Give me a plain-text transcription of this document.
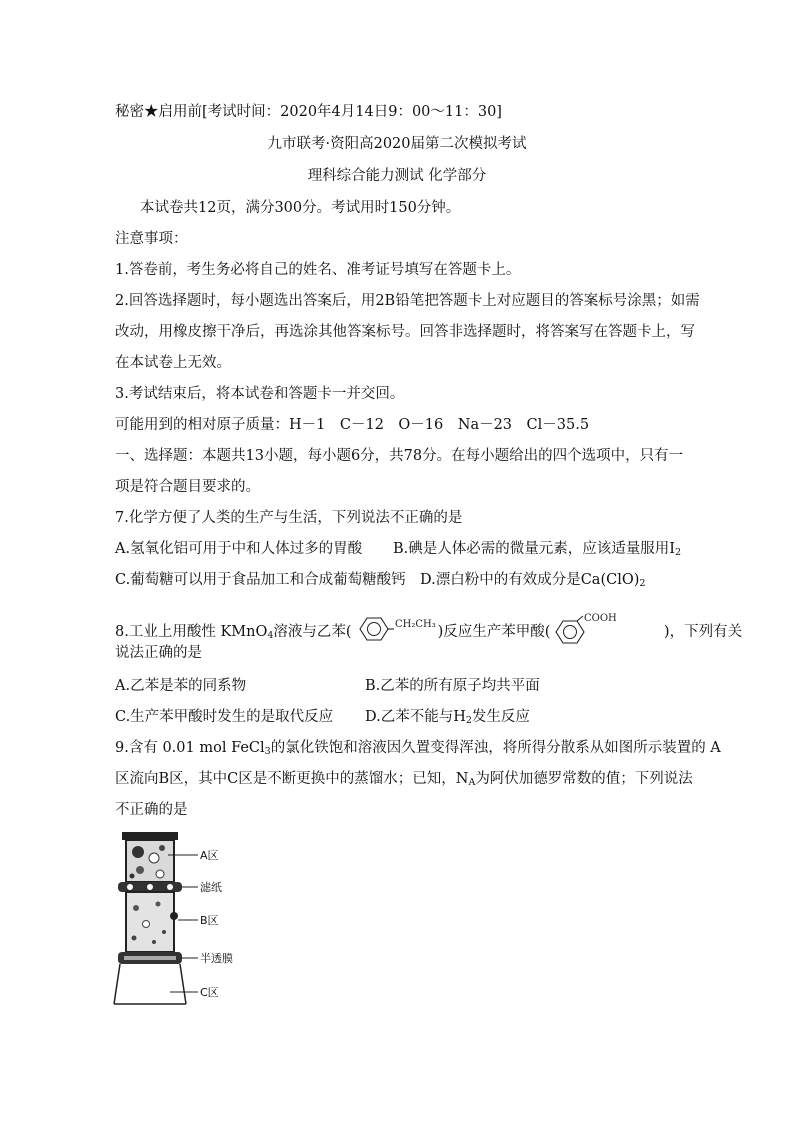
秘密★启用前[考试时间：2020年4月14日9：00～11：30]
九市联考·资阳高2020届第二次模拟考试
理科综合能力测试 化学部分
本试卷共12页，满分300分。考试用时150分钟。
注意事项：
1.答卷前，考生务必将自己的姓名、准考证号填写在答题卡上。
2.回答选择题时，每小题选出答案后，用2B铅笔把答题卡上对应题目的答案标号涂黑；如需
改动，用橡皮擦干净后，再选涂其他答案标号。回答非选择题时，将答案写在答题卡上，写
在本试卷上无效。
3.考试结束后，将本试卷和答题卡一并交回。
可能用到的相对原子质量：H－1　C－12　O－16　Na－23　Cl－35.5
一、选择题：本题共13小题，每小题6分，共78分。在每小题给出的四个选项中，只有一
项是符合题目要求的。
7.化学方便了人类的生产与生活，下列说法不正确的是
A.氢氧化铝可用于中和人体过多的胃酸 B.碘是人体必需的微量元素，应该适量服用$I_2$
C.葡萄糖可以用于食品加工和合成葡萄糖酸钙 D.漂白粉中的有效成分是$Ca(ClO)_2$
8.工业上用酸性 KMnO$_4$溶液与乙苯(	CH₂CH₃ )反应生产苯甲酸(
COOH
　　　)，下列有关
说法正确的是
A.乙苯是苯的同系物	B.乙苯的所有原子均共平面
C.生产苯甲酸时发生的是取代反应 D.乙苯不能与$H_2$发生反应
9.含有 0.01 mol FeCl$_3$的氯化铁饱和溶液因久置变得浑浊，将所得分散系从如图所示装置的 A
区流向B区，其中C区是不断更换中的蒸馏水；已知，$N_A$为阿伏加德罗常数的值；下列说法
不正确的是
A区
滤纸
B区
半透膜
C区
